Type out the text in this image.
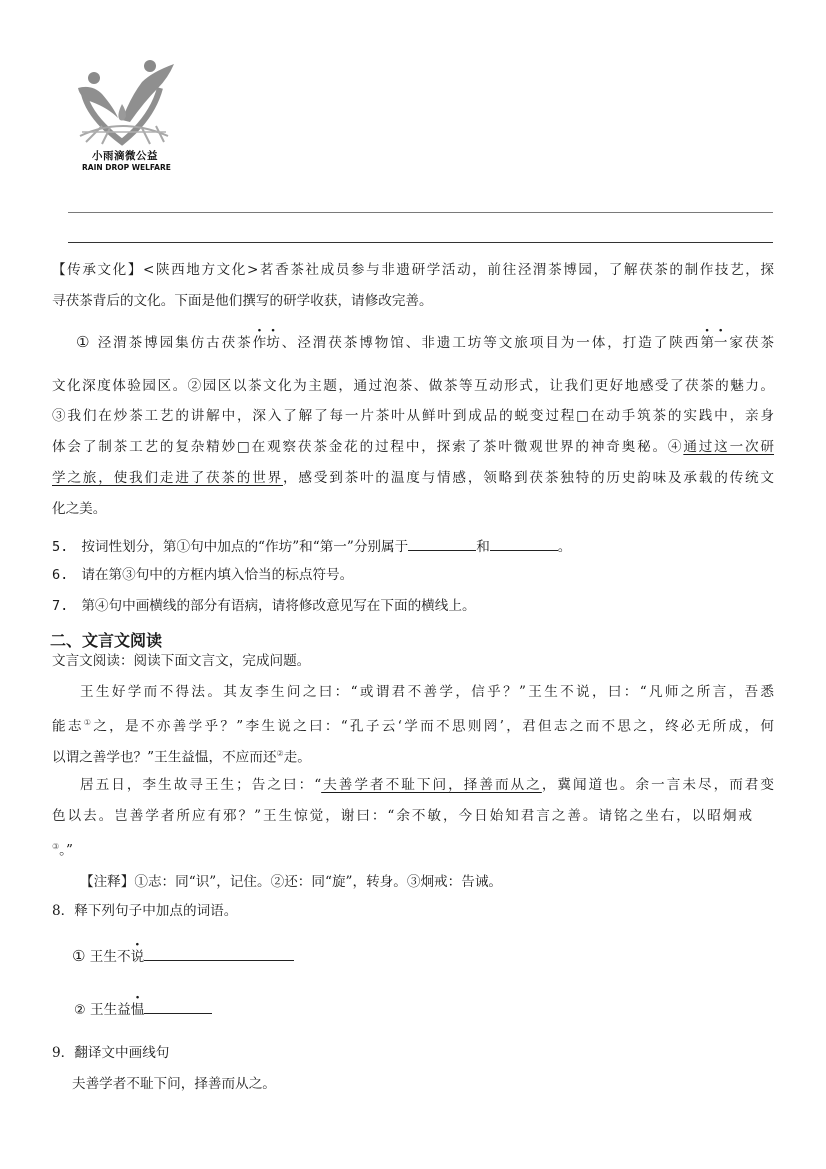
小雨滴微公益
RAIN DROP WELFARE
【传承文化】<陕西地方文化>茗香茶社成员参与非遗研学活动，前往泾渭茶博园，了解茯茶的制作技艺，探
寻茯茶背后的文化。下面是他们撰写的研学收获，请修改完善。
① 泾渭茶博园集仿古茯茶作坊、泾渭茯茶博物馆、非遗工坊等文旅项目为一体，打造了陕西第一家茯茶
文化深度体验园区。②园区以茶文化为主题，通过泡茶、做茶等互动形式，让我们更好地感受了茯茶的魅力。
③我们在炒茶工艺的讲解中，深入了解了每一片茶叶从鲜叶到成品的蜕变过程□在动手筑茶的实践中，亲身
体会了制茶工艺的复杂精妙□在观察茯茶金花的过程中，探索了茶叶微观世界的神奇奥秘。④通过这一次研
学之旅，使我们走进了茯茶的世界，感受到茶叶的温度与情感，领略到茯茶独特的历史韵味及承载的传统文
化之美。
5. 按词性划分，第①句中加点的“作坊”和“第一”分别属于	和	。
6. 请在第③句中的方框内填入恰当的标点符号。
7. 第④句中画横线的部分有语病，请将修改意见写在下面的横线上。
二、文言文阅读
文言文阅读：阅读下面文言文，完成问题。
王生好学而不得法。其友李生问之曰：“或谓君不善学，信乎？”王生不说，曰：“凡师之所言，吾悉
能志①之，是不亦善学乎？”李生说之曰：“孔子云‘学而不思则罔’，君但志之而不思之，终必无所成，何
以谓之善学也？”王生益愠，不应而还②走。
居五日，李生故寻王生；告之曰：“夫善学者不耻下问，择善而从之，冀闻道也。余一言未尽，而君变
色以去。岂善学者所应有邪？”王生惊觉，谢曰：“余不敏，今日始知君言之善。请铭之坐右，以昭炯戒
③。”
【注释】①志：同“识”，记住。②还：同“旋”，转身。③炯戒：告诫。
8．释下列句子中加点的词语。
① 王生不说
② 王生益愠
9．翻译文中画线句
夫善学者不耻下问，择善而从之。
